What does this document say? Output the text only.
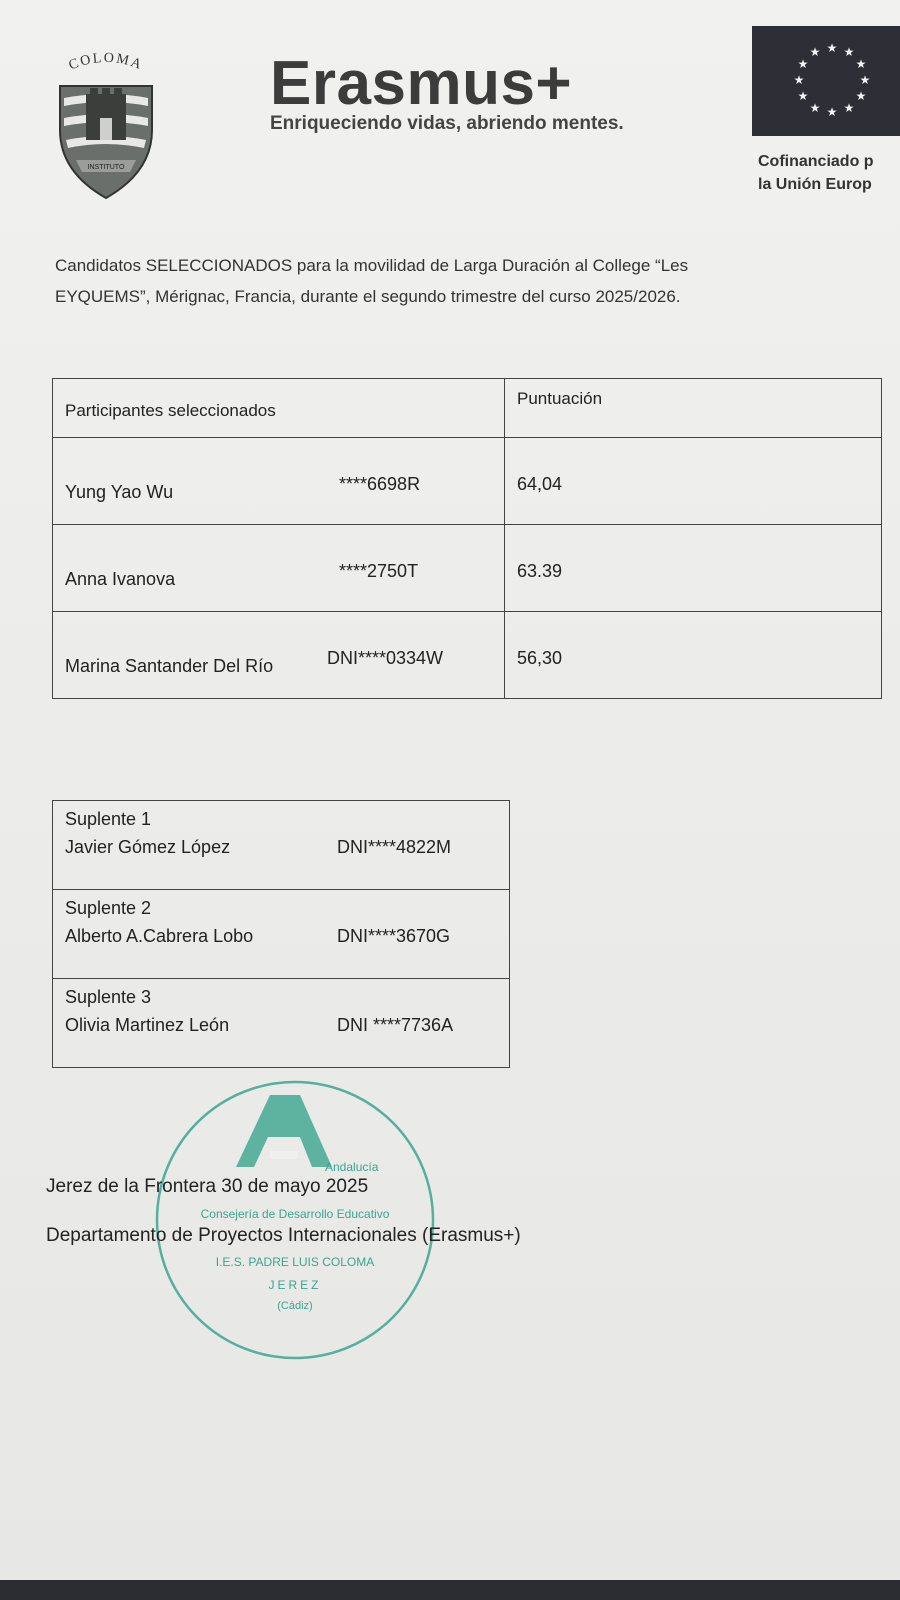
COLOMA
INSTITUTO
Erasmus+
Enriqueciendo vidas, abriendo mentes.
★ ★
★
★
★
★
★
★
★
★
★
★
Cofinanciado p
la Unión Europ
Candidatos SELECCIONADOS para la movilidad de Larga Duración al College “Les
EYQUEMS”, Mérignac, Francia, durante el segundo trimestre del curso 2025/2026.
Participantes seleccionados
Puntuación
Yung Yao Wu	****6698R	64,04
Anna Ivanova	****2750T	63.39
Marina Santander Del Río	DNI****0334W	56,30
Suplente 1
Javier Gómez López	DNI****4822M
Suplente 2
Alberto A.Cabrera Lobo	DNI****3670G
Suplente 3
Olivia Martinez León	DNI ****7736A
Andalucía
Consejería de Desarrollo Educativo
I.E.S. PADRE LUIS COLOMA
JEREZ
(Cádiz)
Jerez de la Frontera 30 de mayo 2025
Departamento de Proyectos Internacionales (Erasmus+)
